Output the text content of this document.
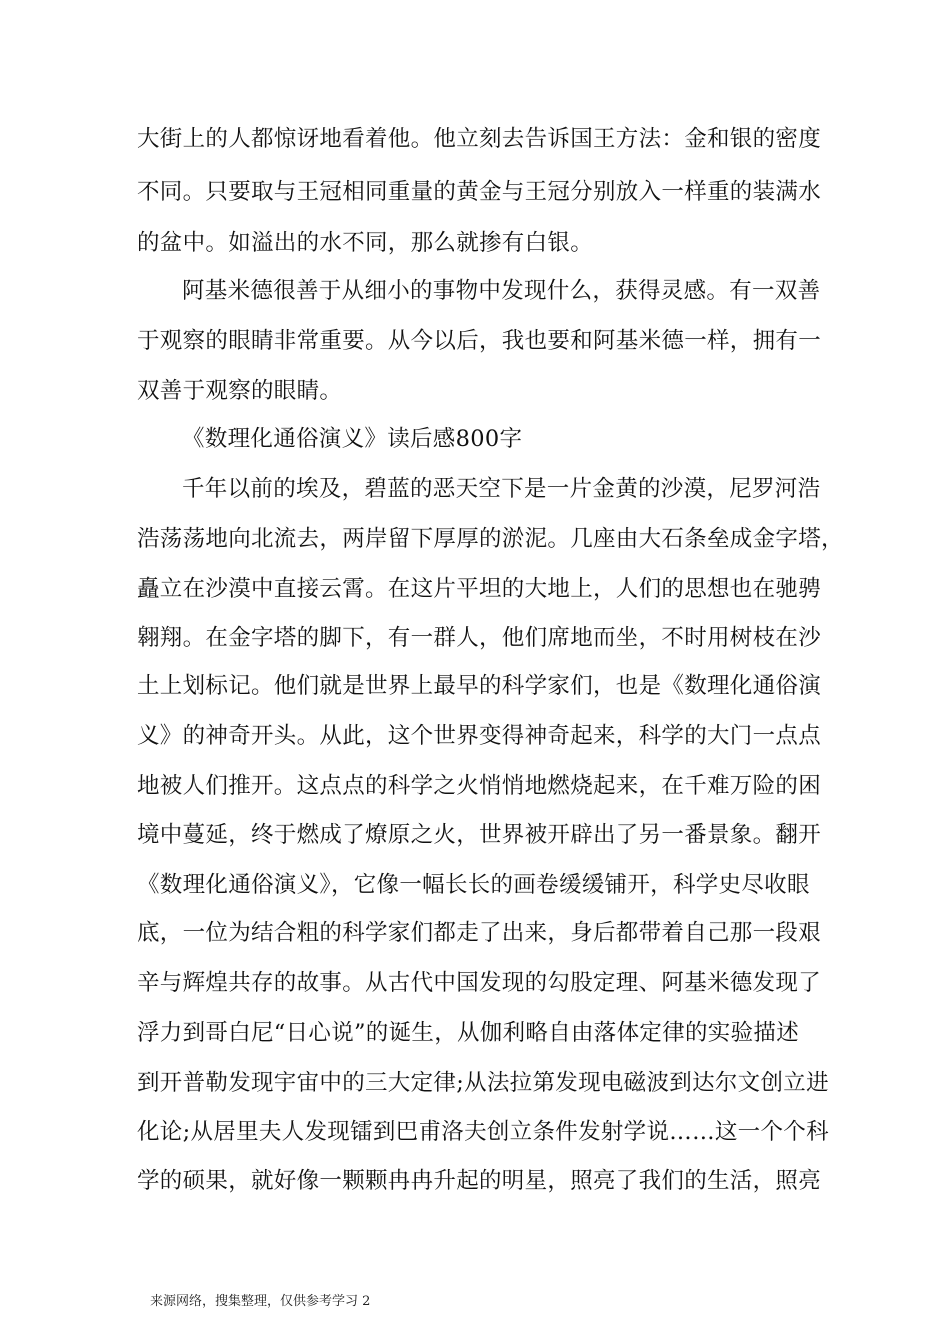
大街上的人都惊讶地看着他。他立刻去告诉国王方法：金和银的密度
不同。只要取与王冠相同重量的黄金与王冠分别放入一样重的装满水
的盆中。如溢出的水不同，那么就掺有白银。
阿基米德很善于从细小的事物中发现什么，获得灵感。有一双善
于观察的眼睛非常重要。从今以后，我也要和阿基米德一样，拥有一
双善于观察的眼睛。
《数理化通俗演义》读后感800字
千年以前的埃及，碧蓝的恶天空下是一片金黄的沙漠，尼罗河浩
浩荡荡地向北流去，两岸留下厚厚的淤泥。几座由大石条垒成金字塔，
矗立在沙漠中直接云霄。在这片平坦的大地上，人们的思想也在驰骋
翱翔。在金字塔的脚下，有一群人，他们席地而坐，不时用树枝在沙
土上划标记。他们就是世界上最早的科学家们，也是《数理化通俗演
义》的神奇开头。从此，这个世界变得神奇起来，科学的大门一点点
地被人们推开。这点点的科学之火悄悄地燃烧起来，在千难万险的困
境中蔓延，终于燃成了燎原之火，世界被开辟出了另一番景象。翻开
《数理化通俗演义》，它像一幅长长的画卷缓缓铺开，科学史尽收眼
底，一位为结合粗的科学家们都走了出来，身后都带着自己那一段艰
辛与辉煌共存的故事。从古代中国发现的勾股定理、阿基米德发现了
浮力到哥白尼“日心说”的诞生，从伽利略自由落体定律的实验描述
到开普勒发现宇宙中的三大定律;从法拉第发现电磁波到达尔文创立进
化论;从居里夫人发现镭到巴甫洛夫创立条件发射学说……这一个个科
学的硕果，就好像一颗颗冉冉升起的明星，照亮了我们的生活，照亮
来源网络，搜集整理，仅供参考学习 2
